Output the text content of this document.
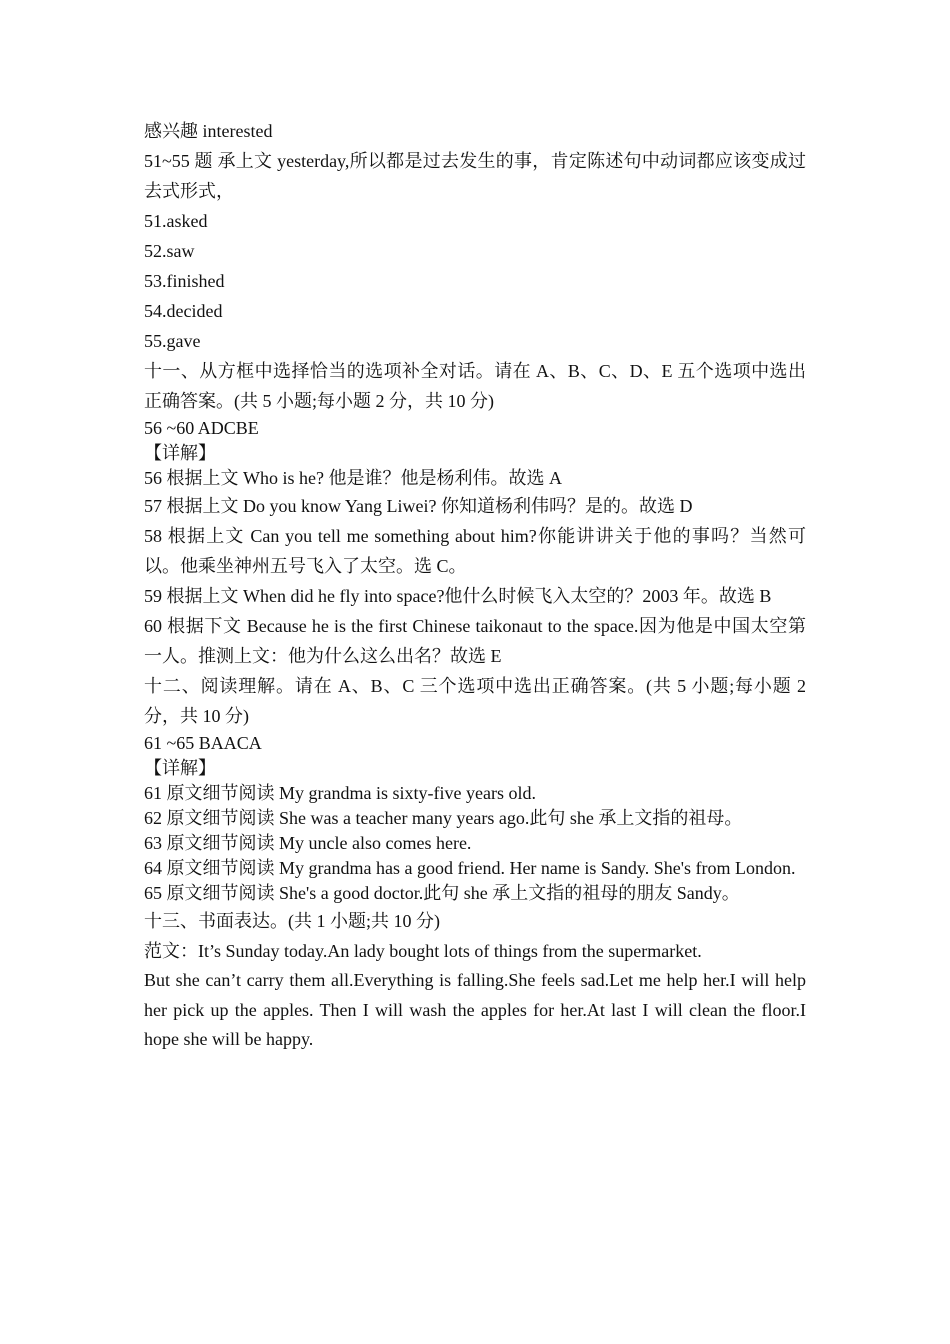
感兴趣 interested

51~55 题 承上文 yesterday,所以都是过去发生的事，肯定陈述句中动词都应该变成过去式形式，

51.asked

52.saw

53.finished

54.decided

55.gave

十一、从方框中选择恰当的选项补全对话。请在 A、B、C、D、E 五个选项中选出正确答案。(共 5 小题;每小题 2 分，共 10 分)

56 ~60 ADCBE

【详解】

56 根据上文 Who is he? 他是谁？他是杨利伟。故选 A

57 根据上文 Do you know Yang Liwei? 你知道杨利伟吗？是的。故选 D

58 根据上文 Can you tell me something about him?你能讲讲关于他的事吗？当然可以。他乘坐神州五号飞入了太空。选 C。

59 根据上文 When did he fly into space?他什么时候飞入太空的？2003 年。故选 B

60 根据下文 Because he is the first Chinese taikonaut to the space.因为他是中国太空第一人。推测上文：他为什么这么出名？故选 E

十二、阅读理解。请在 A、B、C 三个选项中选出正确答案。(共 5 小题;每小题 2 分，共 10 分)

61 ~65 BAACA

【详解】

61 原文细节阅读 My grandma is sixty-five years old.

62 原文细节阅读 She was a teacher many years ago.此句 she 承上文指的祖母。

63 原文细节阅读 My uncle also comes here.

64 原文细节阅读 My grandma has a good friend. Her name is Sandy. She's from London.

65 原文细节阅读 She's a good doctor.此句 she 承上文指的祖母的朋友 Sandy。

十三、书面表达。(共 1 小题;共 10 分)

范文：It’s Sunday today.An lady bought lots of things from the supermarket.

But she can’t carry them all.Everything is falling.She feels sad.Let me help her.I will help her pick up the apples. Then I will wash the apples for her.At last I will clean the floor.I hope she will be happy.
